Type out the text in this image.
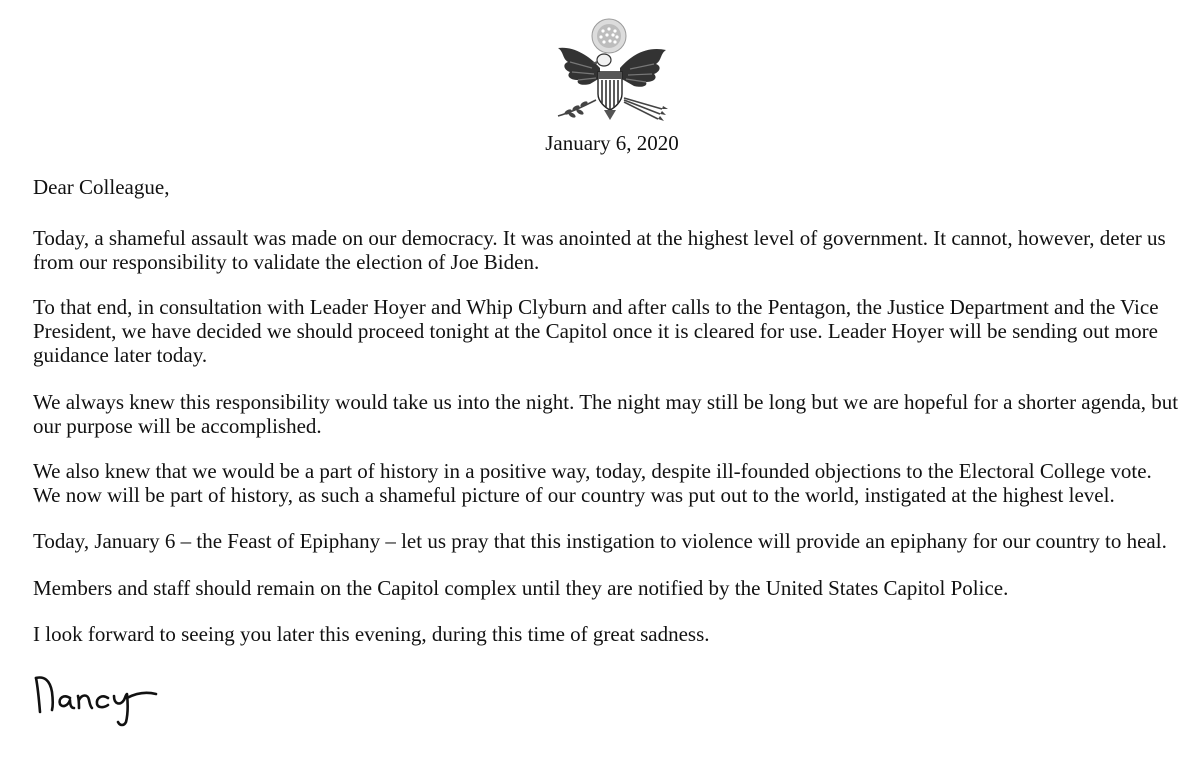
January 6, 2020

Dear Colleague,

Today, a shameful assault was made on our democracy. It was anointed at the highest level of government. It cannot, however, deter us from our responsibility to validate the election of Joe Biden.

To that end, in consultation with Leader Hoyer and Whip Clyburn and after calls to the Pentagon, the Justice Department and the Vice President, we have decided we should proceed tonight at the Capitol once it is cleared for use. Leader Hoyer will be sending out more guidance later today.

We always knew this responsibility would take us into the night. The night may still be long but we are hopeful for a shorter agenda, but our purpose will be accomplished.

We also knew that we would be a part of history in a positive way, today, despite ill-founded objections to the Electoral College vote. We now will be part of history, as such a shameful picture of our country was put out to the world, instigated at the highest level.

Today, January 6 – the Feast of Epiphany – let us pray that this instigation to violence will provide an epiphany for our country to heal.

Members and staff should remain on the Capitol complex until they are notified by the United States Capitol Police.

I look forward to seeing you later this evening, during this time of great sadness.
